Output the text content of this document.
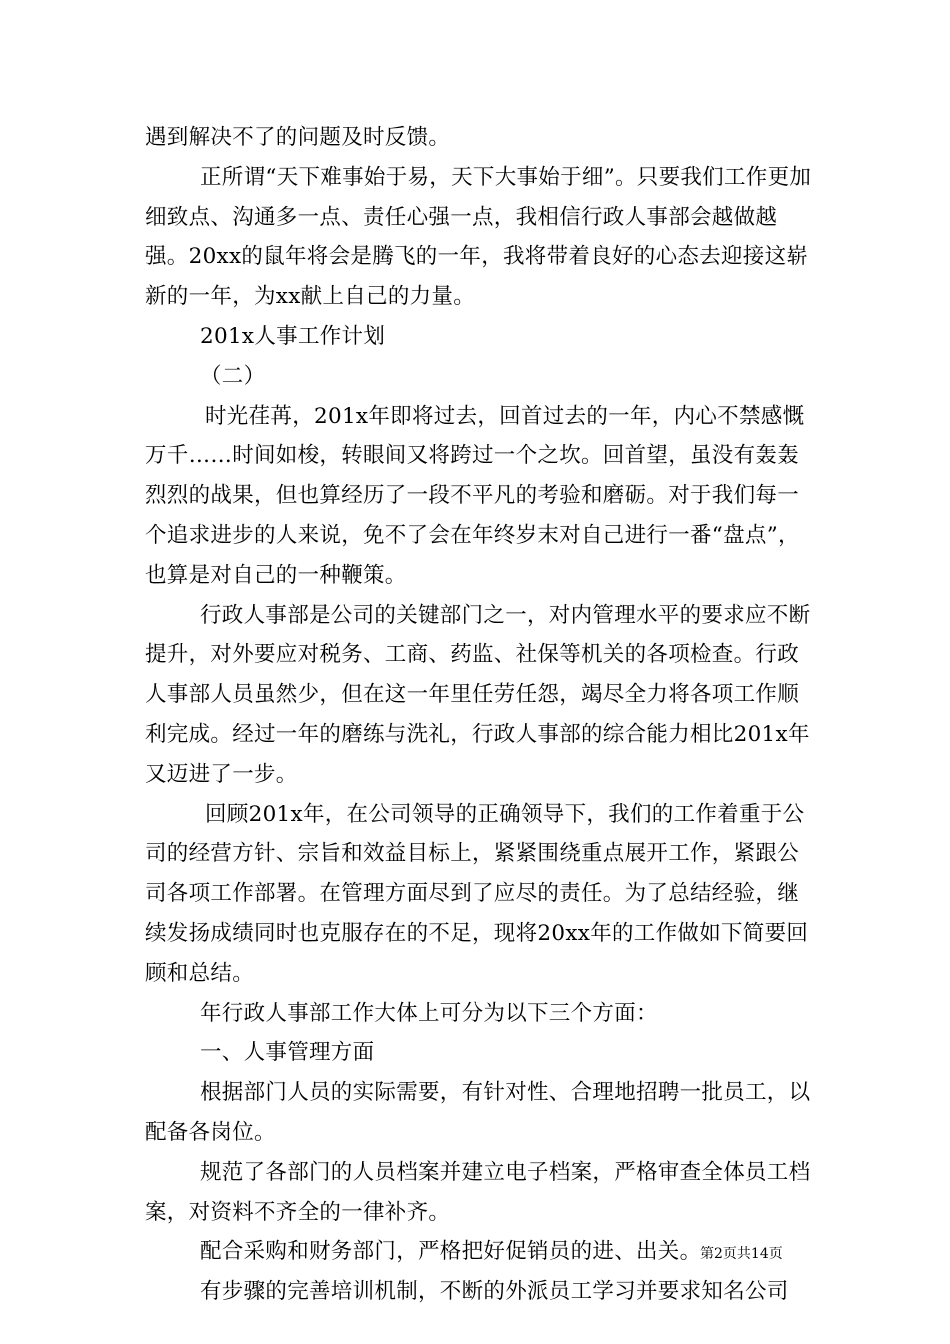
遇到解决不了的问题及时反馈。

正所谓“天下难事始于易，天下大事始于细”。只要我们工作更加细致点、沟通多一点、责任心强一点，我相信行政人事部会越做越强。20xx的鼠年将会是腾飞的一年，我将带着良好的心态去迎接这崭新的一年，为xx献上自己的力量。

201x人事工作计划

（二）

时光荏苒，201x年即将过去，回首过去的一年，内心不禁感慨万千……时间如梭，转眼间又将跨过一个之坎。回首望，虽没有轰轰烈烈的战果，但也算经历了一段不平凡的考验和磨砺。对于我们每一个追求进步的人来说，免不了会在年终岁末对自己进行一番“盘点”，也算是对自己的一种鞭策。

行政人事部是公司的关键部门之一，对内管理水平的要求应不断提升，对外要应对税务、工商、药监、社保等机关的各项检查。行政人事部人员虽然少，但在这一年里任劳任怨，竭尽全力将各项工作顺利完成。经过一年的磨练与洗礼，行政人事部的综合能力相比201x年又迈进了一步。

回顾201x年，在公司领导的正确领导下，我们的工作着重于公司的经营方针、宗旨和效益目标上，紧紧围绕重点展开工作，紧跟公司各项工作部署。在管理方面尽到了应尽的责任。为了总结经验，继续发扬成绩同时也克服存在的不足，现将20xx年的工作做如下简要回顾和总结。

年行政人事部工作大体上可分为以下三个方面：

一、人事管理方面

根据部门人员的实际需要，有针对性、合理地招聘一批员工，以配备各岗位。

规范了各部门的人员档案并建立电子档案，严格审查全体员工档案，对资料不齐全的一律补齐。

配合采购和财务部门，严格把好促销员的进、出关。

有步骤的完善培训机制，不断的外派员工学习并要求知名公司

第2页共14页
